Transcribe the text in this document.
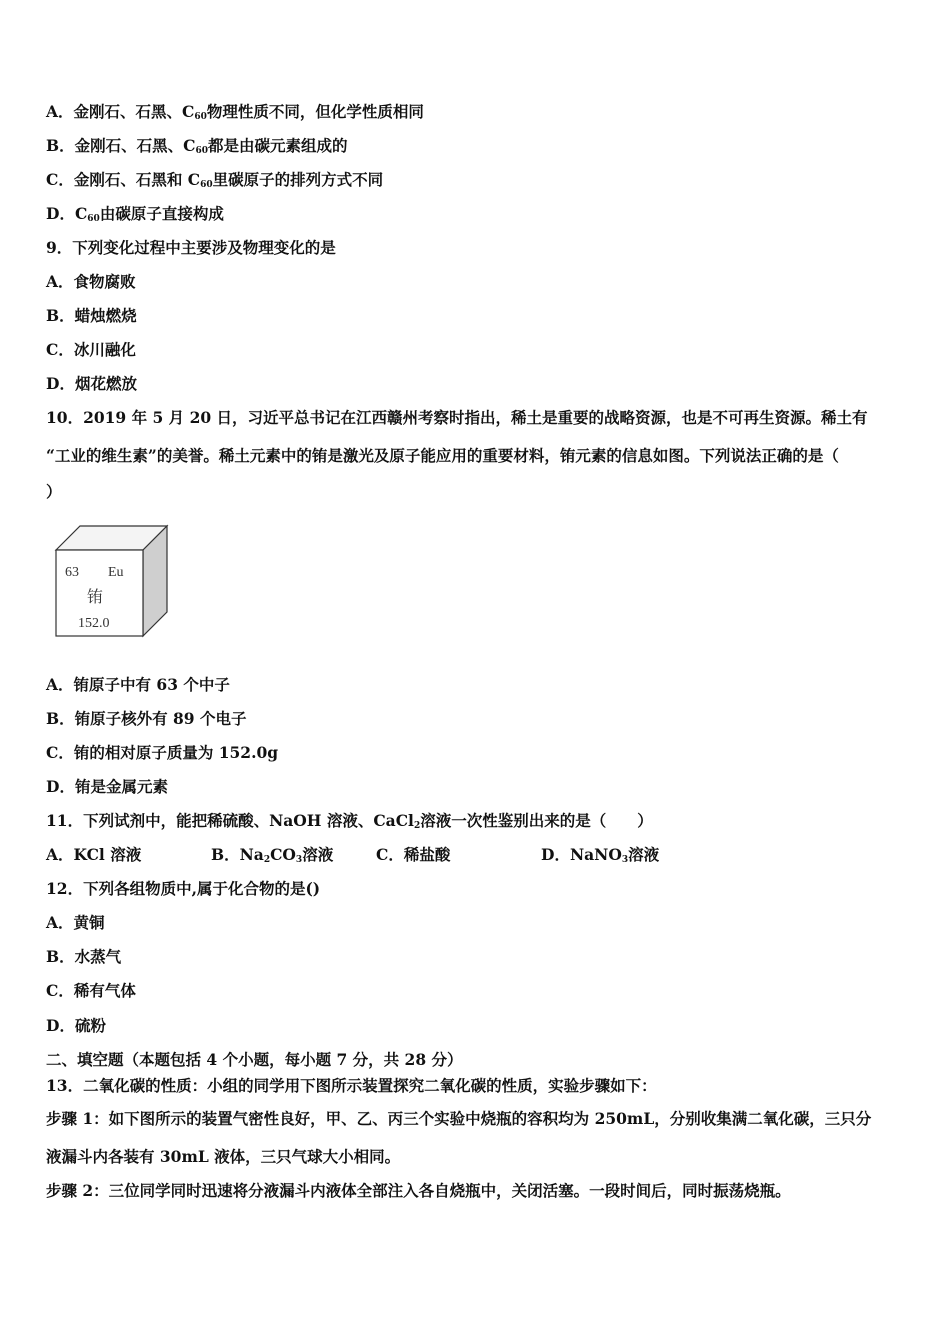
A．金刚石、石黑、$C_{60}$物理性质不同，但化学性质相同
B．金刚石、石黑、$C_{60}$都是由碳元素组成的
C．金刚石、石黑和 $C_{60}$里碳原子的排列方式不同
D．$C_{60}$由碳原子直接构成
9．下列变化过程中主要涉及物理变化的是
A．食物腐败
B．蜡烛燃烧
C．冰川融化
D．烟花燃放
10．2019 年 5 月 20 日，习近平总书记在江西赣州考察时指出，稀土是重要的战略资源，也是不可再生资源。稀土有
“工业的维生素”的美誉。稀土元素中的铕是激光及原子能应用的重要材料，铕元素的信息如图。下列说法正确的是（
）
63 Eu
铕
152.0
A．铕原子中有 63 个中子
B．铕原子核外有 89 个电子
C．铕的相对原子质量为 152.0g
D．铕是金属元素
11．下列试剂中，能把稀硫酸、NaOH 溶液、CaCl$_2$溶液一次性鉴别出来的是（　　）
A．KCl 溶液	B．$Na_2CO_3$溶液	C．稀盐酸	D．NaNO$_3$溶液
12．下列各组物质中,属于化合物的是()
A．黄铜
B．水蒸气
C．稀有气体
D．硫粉
二、填空题（本题包括 4 个小题，每小题 7 分，共 28 分）
13．二氧化碳的性质：小组的同学用下图所示装置探究二氧化碳的性质，实验步骤如下：
步骤 1：如下图所示的装置气密性良好，甲、乙、丙三个实验中烧瓶的容积均为 250mL，分别收集满二氧化碳，三只分
液漏斗内各装有 30mL 液体，三只气球大小相同。
步骤 2：三位同学同时迅速将分液漏斗内液体全部注入各自烧瓶中，关闭活塞。一段时间后，同时振荡烧瓶。
